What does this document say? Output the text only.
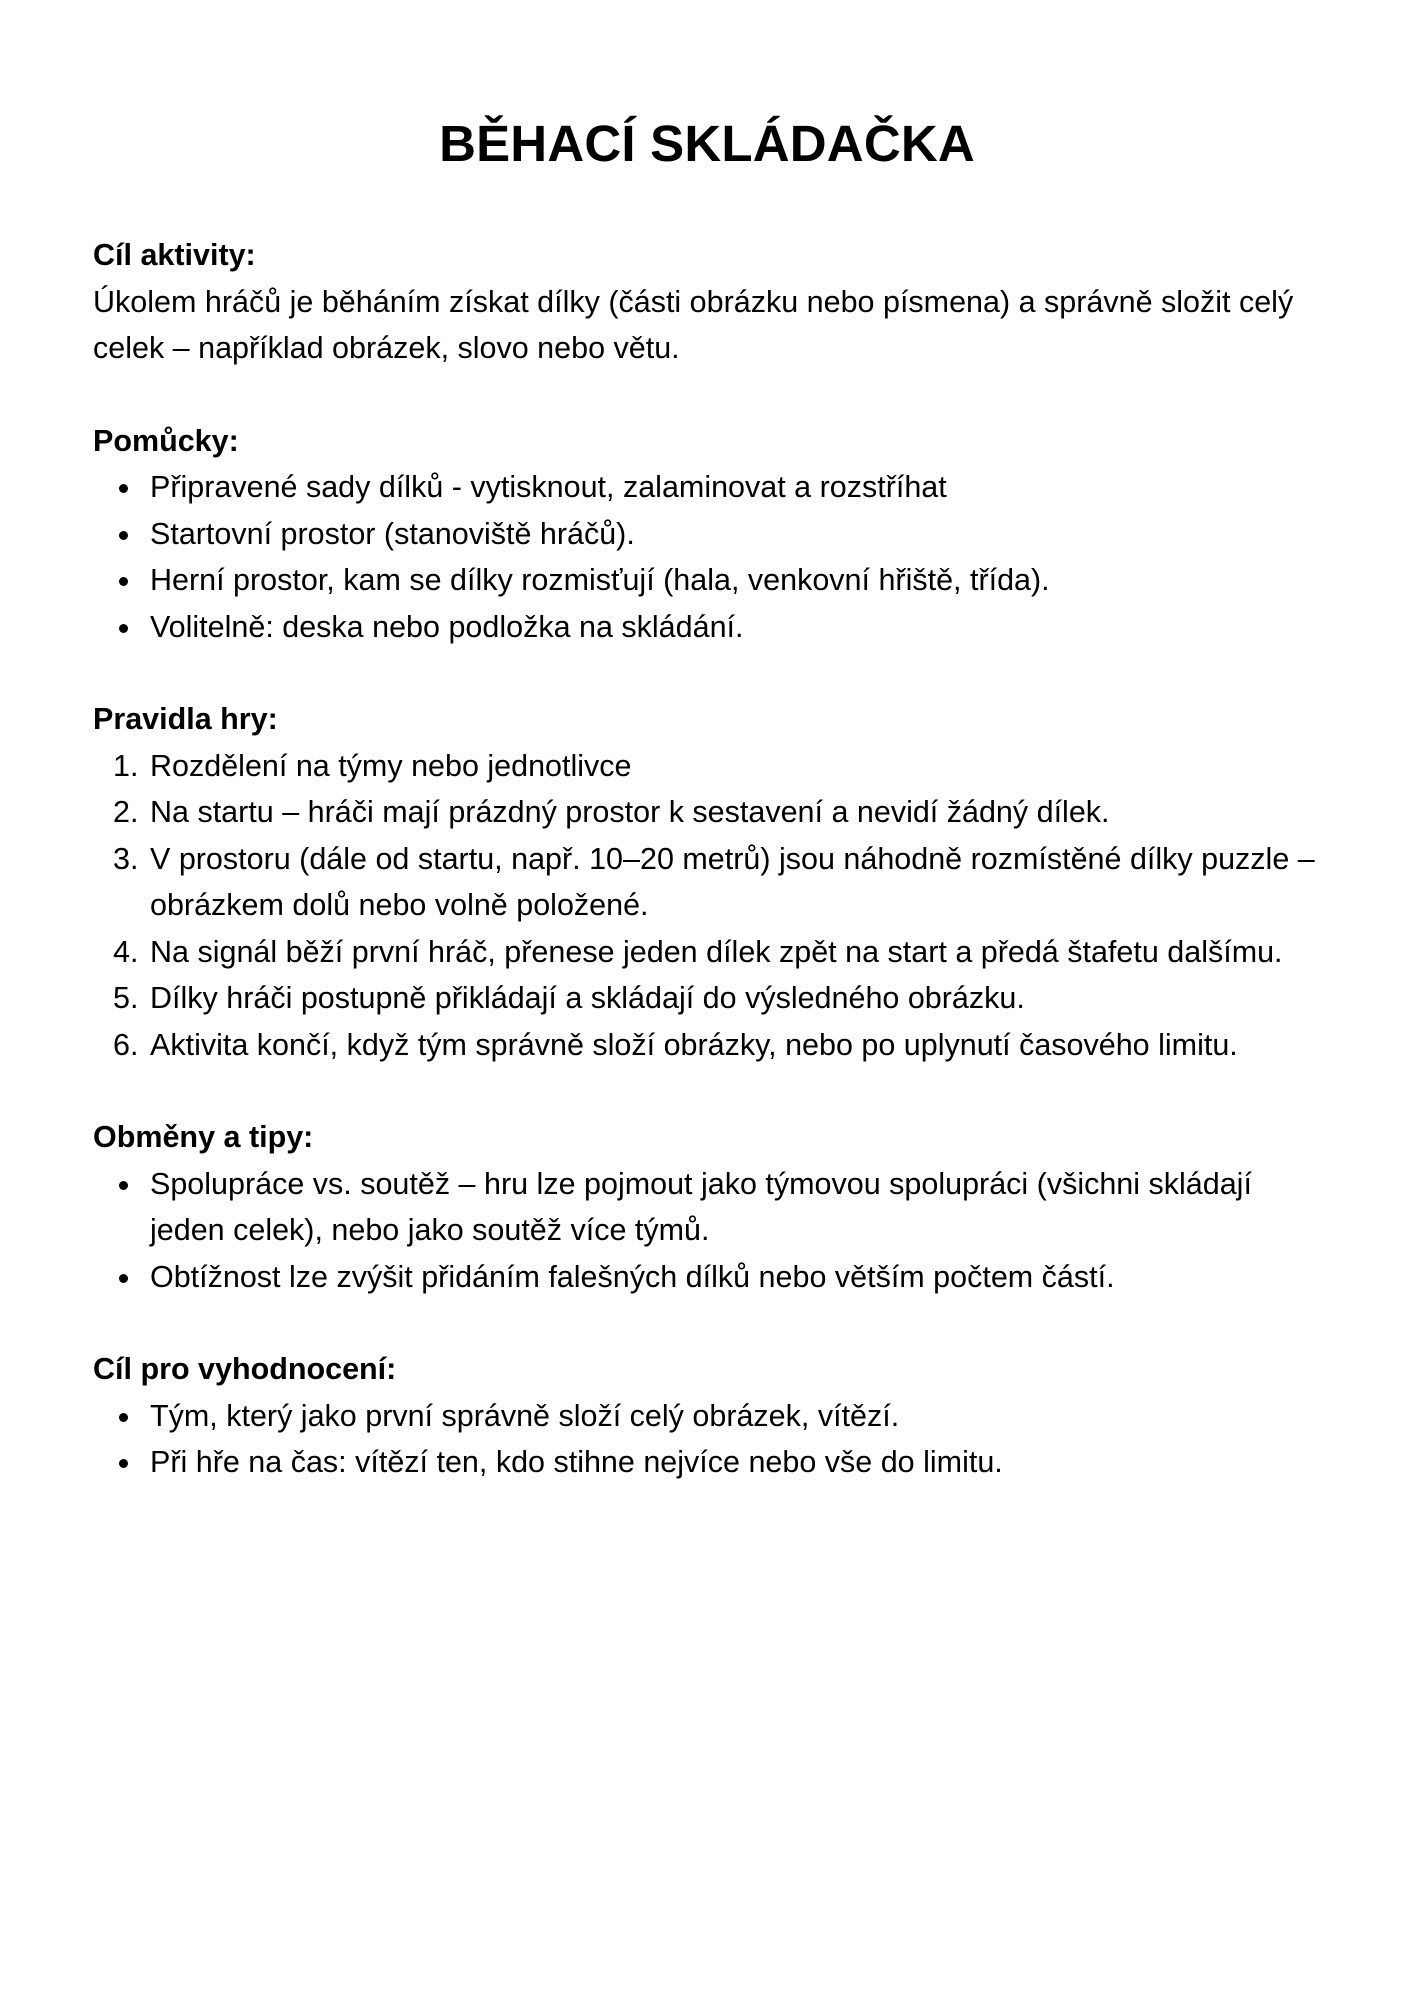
BĚHACÍ SKLÁDAČKA

Cíl aktivity:

Úkolem hráčů je běháním získat dílky (části obrázku nebo písmena) a správně složit celý celek – například obrázek, slovo nebo větu.

Pomůcky:

Připravené sady dílků - vytisknout, zalaminovat a rozstříhat
Startovní prostor (stanoviště hráčů).
Herní prostor, kam se dílky rozmisťují (hala, venkovní hřiště, třída).
Volitelně: deska nebo podložka na skládání.

Pravidla hry:

1. Rozdělení na týmy nebo jednotlivce
2. Na startu – hráči mají prázdný prostor k sestavení a nevidí žádný dílek.
3. V prostoru (dále od startu, např. 10–20 metrů) jsou náhodně rozmístěné dílky puzzle – obrázkem dolů nebo volně položené.
4. Na signál běží první hráč, přenese jeden dílek zpět na start a předá štafetu dalšímu.
5. Dílky hráči postupně přikládají a skládají do výsledného obrázku.
6. Aktivita končí, když tým správně složí obrázky, nebo po uplynutí časového limitu.

Obměny a tipy:

Spolupráce vs. soutěž – hru lze pojmout jako týmovou spolupráci (všichni skládají jeden celek), nebo jako soutěž více týmů.
Obtížnost lze zvýšit přidáním falešných dílků nebo větším počtem částí.

Cíl pro vyhodnocení:

Tým, který jako první správně složí celý obrázek, vítězí.
Při hře na čas: vítězí ten, kdo stihne nejvíce nebo vše do limitu.
